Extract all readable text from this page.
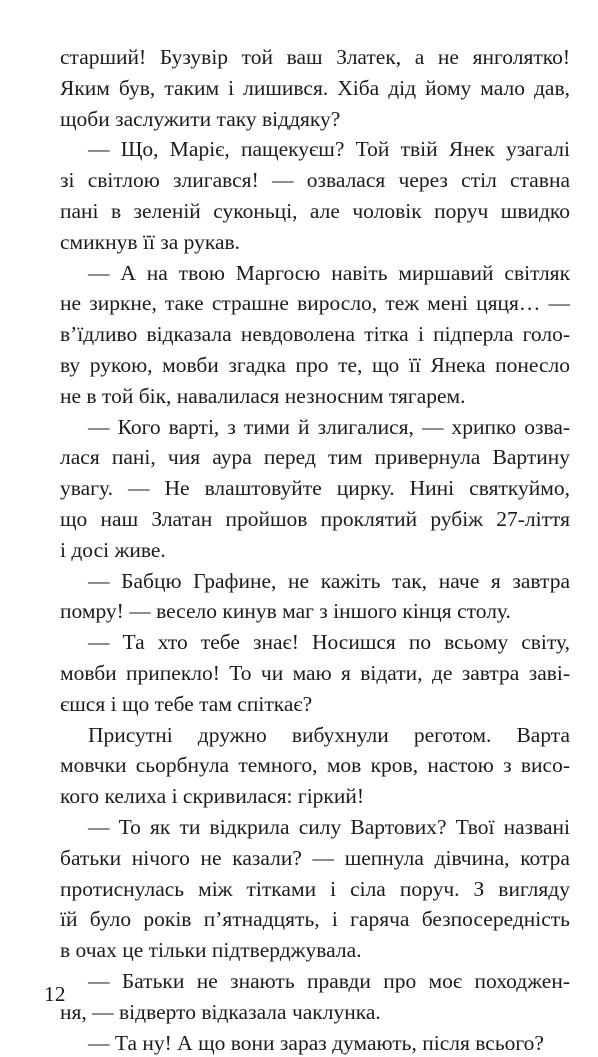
старший! Бузувір той ваш Златек, а не янголятко!
Яким був, таким і лишився. Хіба дід йому мало дав,
щоби заслужити таку віддяку?
— Що, Маріє, пащекуєш? Той твій Янек узагалі
зі світлою злигався! — озвалася через стіл ставна
пані в зеленій суконьці, але чоловік поруч швидко
смикнув її за рукав.
— А на твою Маргосю навіть миршавий світляк
не зиркне, таке страшне виросло, теж мені цяця… —
в’їдливо відказала невдоволена тітка і підперла голо-
ву рукою, мовби згадка про те, що її Янека понесло
не в той бік, навалилася незносним тягарем.
— Кого варті, з тими й злигалися, — хрипко озва-
лася пані, чия аура перед тим привернула Вартину
увагу. — Не влаштовуйте цирку. Нині святкуймо,
що наш Златан пройшов проклятий рубіж 27-ліття
і досі живе.
— Бабцю Графине, не кажіть так, наче я завтра
помру! — весело кинув маг з іншого кінця столу.
— Та хто тебе знає! Носишся по всьому світу,
мовби припекло! То чи маю я відати, де завтра заві-
єшся і що тебе там спіткає?
Присутні дружно вибухнули реготом. Варта
мовчки сьорбнула темного, мов кров, настою з висо-
кого келиха і скривилася: гіркий!
— То як ти відкрила силу Вартових? Твої названі
батьки нічого не казали? — шепнула дівчина, котра
протиснулась між тітками і сіла поруч. З вигляду
їй було років п’ятнадцять, і гаряча безпосередність
в очах це тільки підтверджувала.
— Батьки не знають правди про моє походжен-
ня, — відверто відказала чаклунка.
— Та ну! А що вони зараз думають, після всього?
12
